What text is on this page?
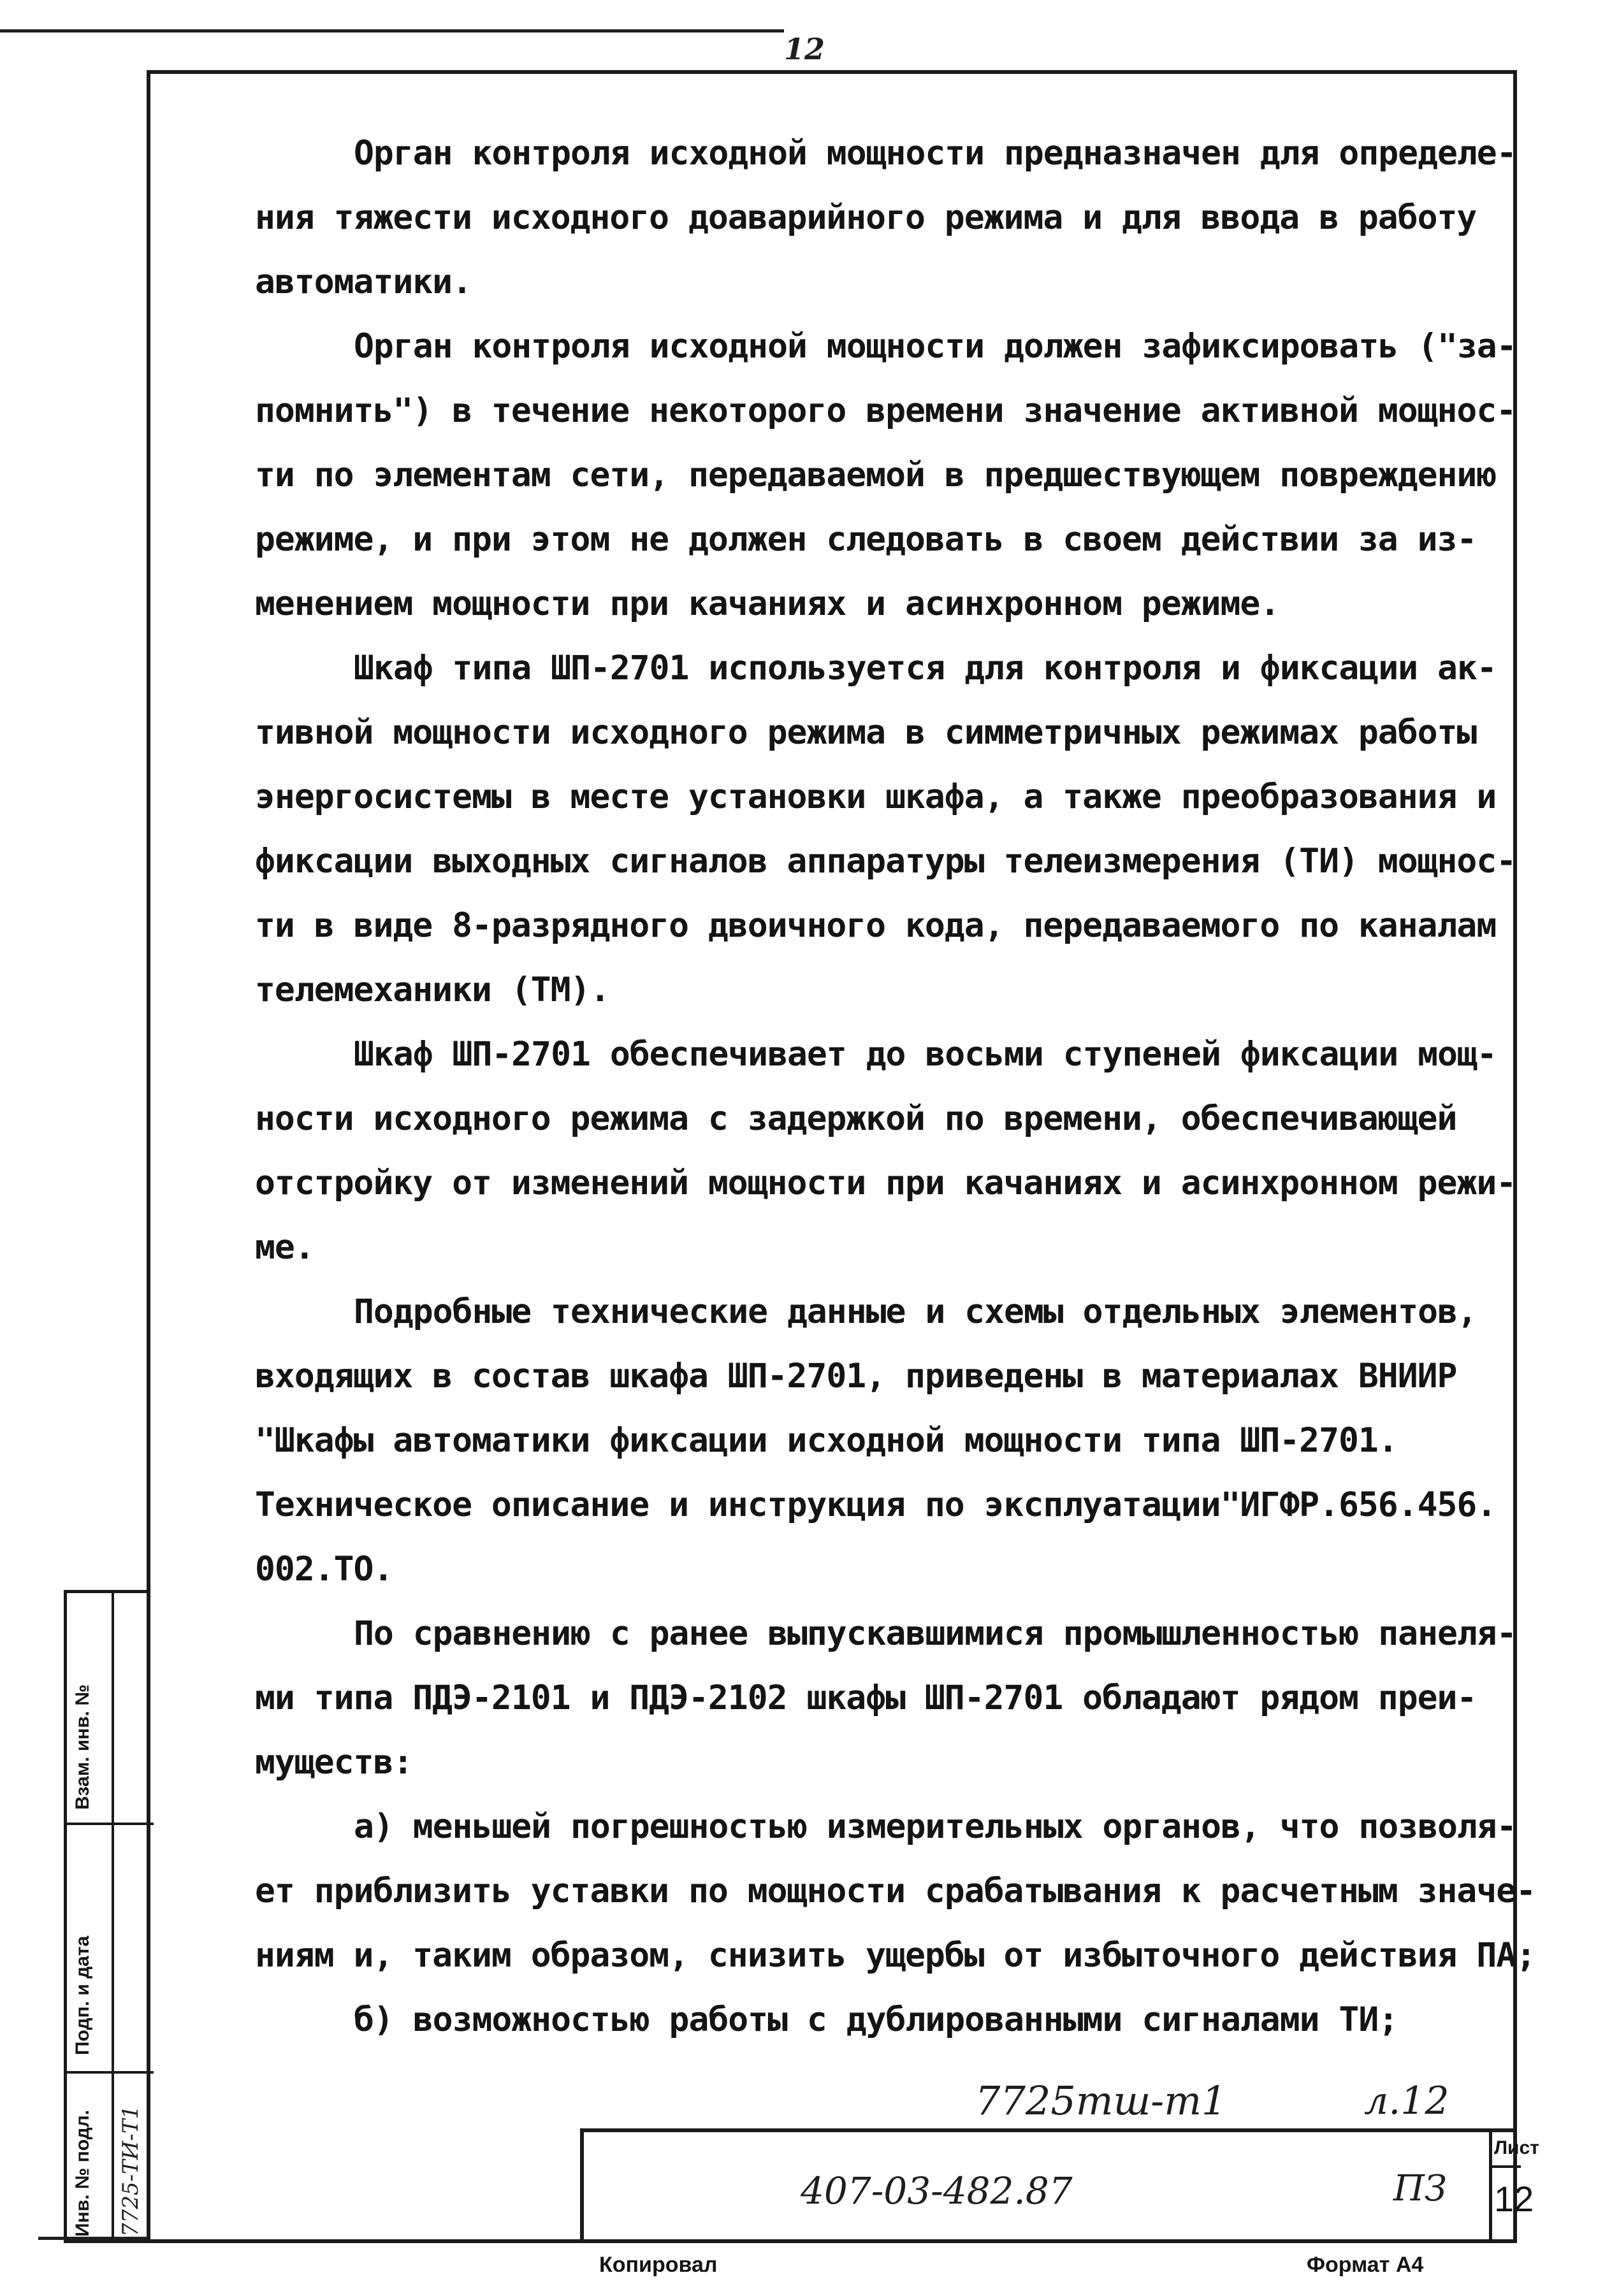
12
Орган контроля исходной мощности предназначен для определе-
ния тяжести исходного доаварийного режима и для ввода в работу
автоматики.
Орган контроля исходной мощности должен зафиксировать ("за-
помнить") в течение некоторого времени значение активной мощнос-
ти по элементам сети, передаваемой в предшествующем повреждению
режиме, и при этом не должен следовать в своем действии за из-
менением мощности при качаниях и асинхронном режиме.
Шкаф типа ШП-2701 используется для контроля и фиксации ак-
тивной мощности исходного режима в симметричных режимах работы
энергосистемы в месте установки шкафа, а также преобразования и
фиксации выходных сигналов аппаратуры телеизмерения (ТИ) мощнос-
ти в виде 8-разрядного двоичного кода, передаваемого по каналам
телемеханики (ТМ).
Шкаф ШП-2701 обеспечивает до восьми ступеней фиксации мощ-
ности исходного режима с задержкой по времени, обеспечивающей
отстройку от изменений мощности при качаниях и асинхронном режи-
ме.
Подробные технические данные и схемы отдельных элементов,
входящих в состав шкафа ШП-2701, приведены в материалах ВНИИР
"Шкафы автоматики фиксации исходной мощности типа ШП-2701.
Техническое описание и инструкция по эксплуатации"ИГФР.656.456.
002.ТО.
По сравнению с ранее выпускавшимися промышленностью панеля-
ми типа ПДЭ-2101 и ПДЭ-2102 шкафы ШП-2701 обладают рядом преи-
муществ:
а) меньшей погрешностью измерительных органов, что позволя-
ет приблизить уставки по мощности срабатывания к расчетным значе-
ниям и, таким образом, снизить ущербы от избыточного действия ПА;
б) возможностью работы с дублированными сигналами ТИ;
Взам. инв. №
Подп. и дата
Инв. № подл. 7725-ТИ-Т1
7725тш-т1	л.12
407-03-482.87	ПЗ
Лист
12
Копировал	Формат А4
